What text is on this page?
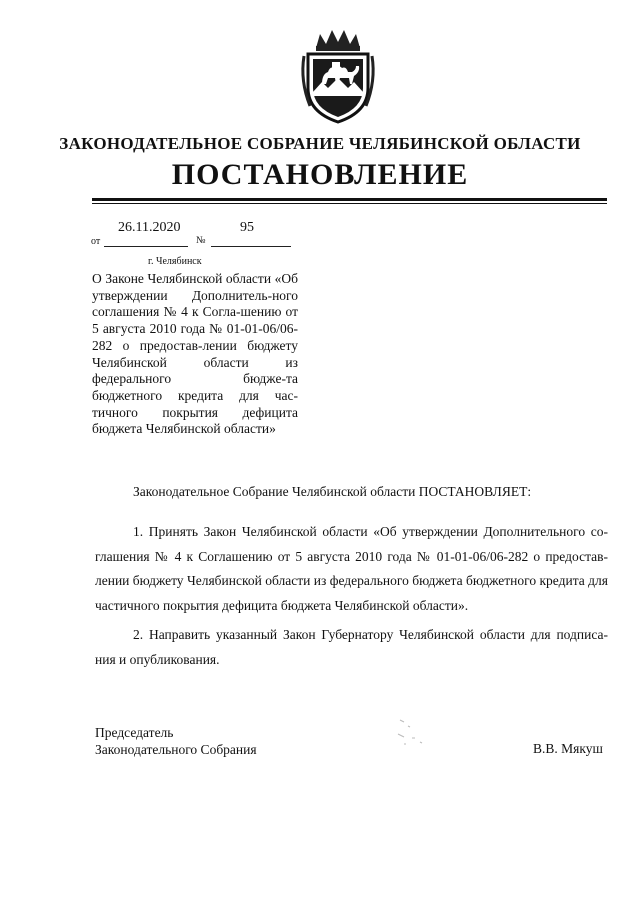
ЗАКОНОДАТЕЛЬНОЕ СОБРАНИЕ ЧЕЛЯБИНСКОЙ ОБЛАСТИ
ПОСТАНОВЛЕНИЕ
26.11.2020	95
от	№
г. Челябинск
О Законе Челябинской области «Об утверждении Дополнитель-ного соглашения № 4 к Согла-шению от 5 августа 2010 года № 01-01-06/06-282 о предостав-лении бюджету Челябинской области из федерального бюдже-та бюджетного кредита для час-тичного покрытия дефицита бюджета Челябинской области»
Законодательное Собрание Челябинской области ПОСТАНОВЛЯЕТ:
1. Принять Закон Челябинской области «Об утверждении Дополнительного со-глашения № 4 к Соглашению от 5 августа 2010 года № 01-01-06/06-282 о предостав-лении бюджету Челябинской области из федерального бюджета бюджетного кредита для частичного покрытия дефицита бюджета Челябинской области».
2. Направить указанный Закон Губернатору Челябинской области для подписа-ния и опубликования.
Председатель
Законодательного Собрания	В.В. Мякуш
